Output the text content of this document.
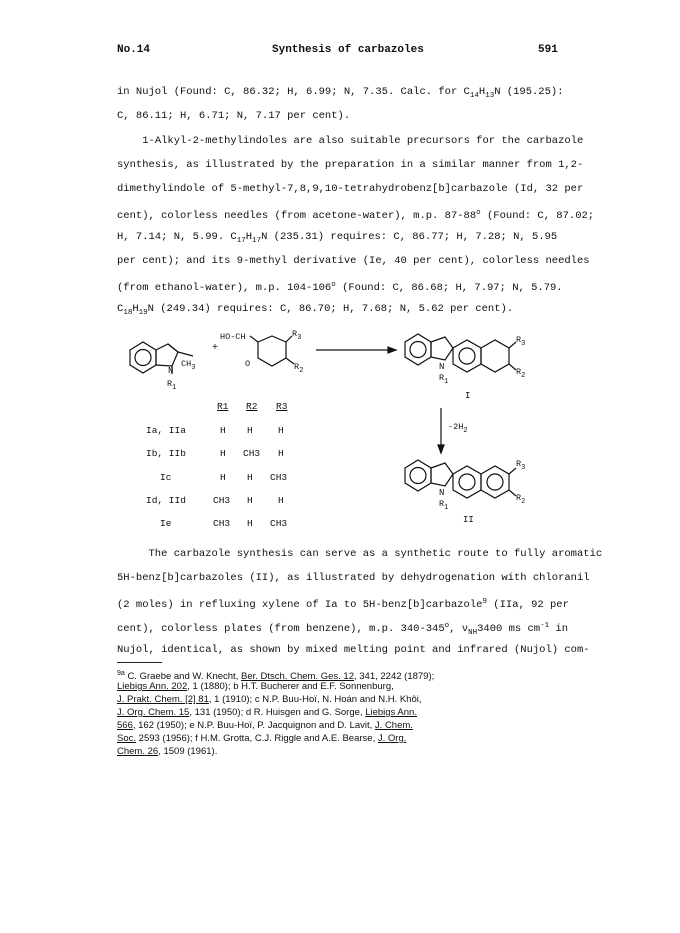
No.14	Synthesis of carbazoles	591
in Nujol (Found: C, 86.32; H, 6.99; N, 7.35. Calc. for $C_{14}H_{13}N$ (195.25):
C, 86.11; H, 6.71; N, 7.17 per cent).
1-Alkyl-2-methylindoles are also suitable precursors for the carbazole
synthesis, as illustrated by the preparation in a similar manner from 1,2-
dimethylindole of 5-methyl-7,8,9,10-tetrahydrobenz[b]carbazole (Id, 32 per
cent), colorless needles (from acetone-water), m.p. 87-88$^o$ (Found: C, 87.02;
H, 7.14; N, 5.99. $C_{17}H_{17}N$ (235.31) requires: C, 86.77; H, 7.28; N, 5.95
per cent); and its 9-methyl derivative (Ie, 40 per cent), colorless needles
(from ethanol-water), m.p. 104-106$^o$ (Found: C, 86.68; H, 7.97; N, 5.79.
$C_{18}H_{19}N$ (249.34) requires: C, 86.70; H, 7.68; N, 5.62 per cent).
N
$CH_3$
$R_1$
+
HO-CH
O
$R_3$
$R_2$	N
$R_1$
$R_3$
$R_2$
I
$-2H_2$
N
$R_1$
$R_3$
$R_2$
II
R1 R2 R3
Ia, IIa	H H	H
Ib, IIb	H CH3 H
Ic	H H CH3
Id, IId	CH3 H	H
Ie	CH3 H CH3
The carbazole synthesis can serve as a synthetic route to fully aromatic
5H-benz[b]carbazoles (II), as illustrated by dehydrogenation with chloranil
(2 moles) in refluxing xylene of Ia to 5H-benz[b]carbazole$^9$ (IIa, 92 per
cent), colorless plates (from benzene), m.p. 340-345$^o$, $\nu_{NH}3400$ ms $cm^{-1}$ in
Nujol, identical, as shown by mixed melting point and infrared (Nujol) com-
$^{9a}$ C. Graebe and W. Knecht, Ber. Dtsch. Chem. Ges. 12, 341, 2242 (1879);
Liebigs Ann. 202, 1 (1880); b H.T. Bucherer and E.F. Sonnenburg,
J. Prakt. Chem. [2] 81, 1 (1910); c N.P. Buu-Hoï, N. Hoán and N.H. Khôi,
J. Org. Chem. 15, 131 (1950); d R. Huisgen and G. Sorge, Liebigs Ann.
566, 162 (1950); e N.P. Buu-Hoï, P. Jacquignon and D. Lavit, J. Chem.
Soc. 2593 (1956); f H.M. Grotta, C.J. Riggle and A.E. Bearse, J. Org.
Chem. 26, 1509 (1961).
